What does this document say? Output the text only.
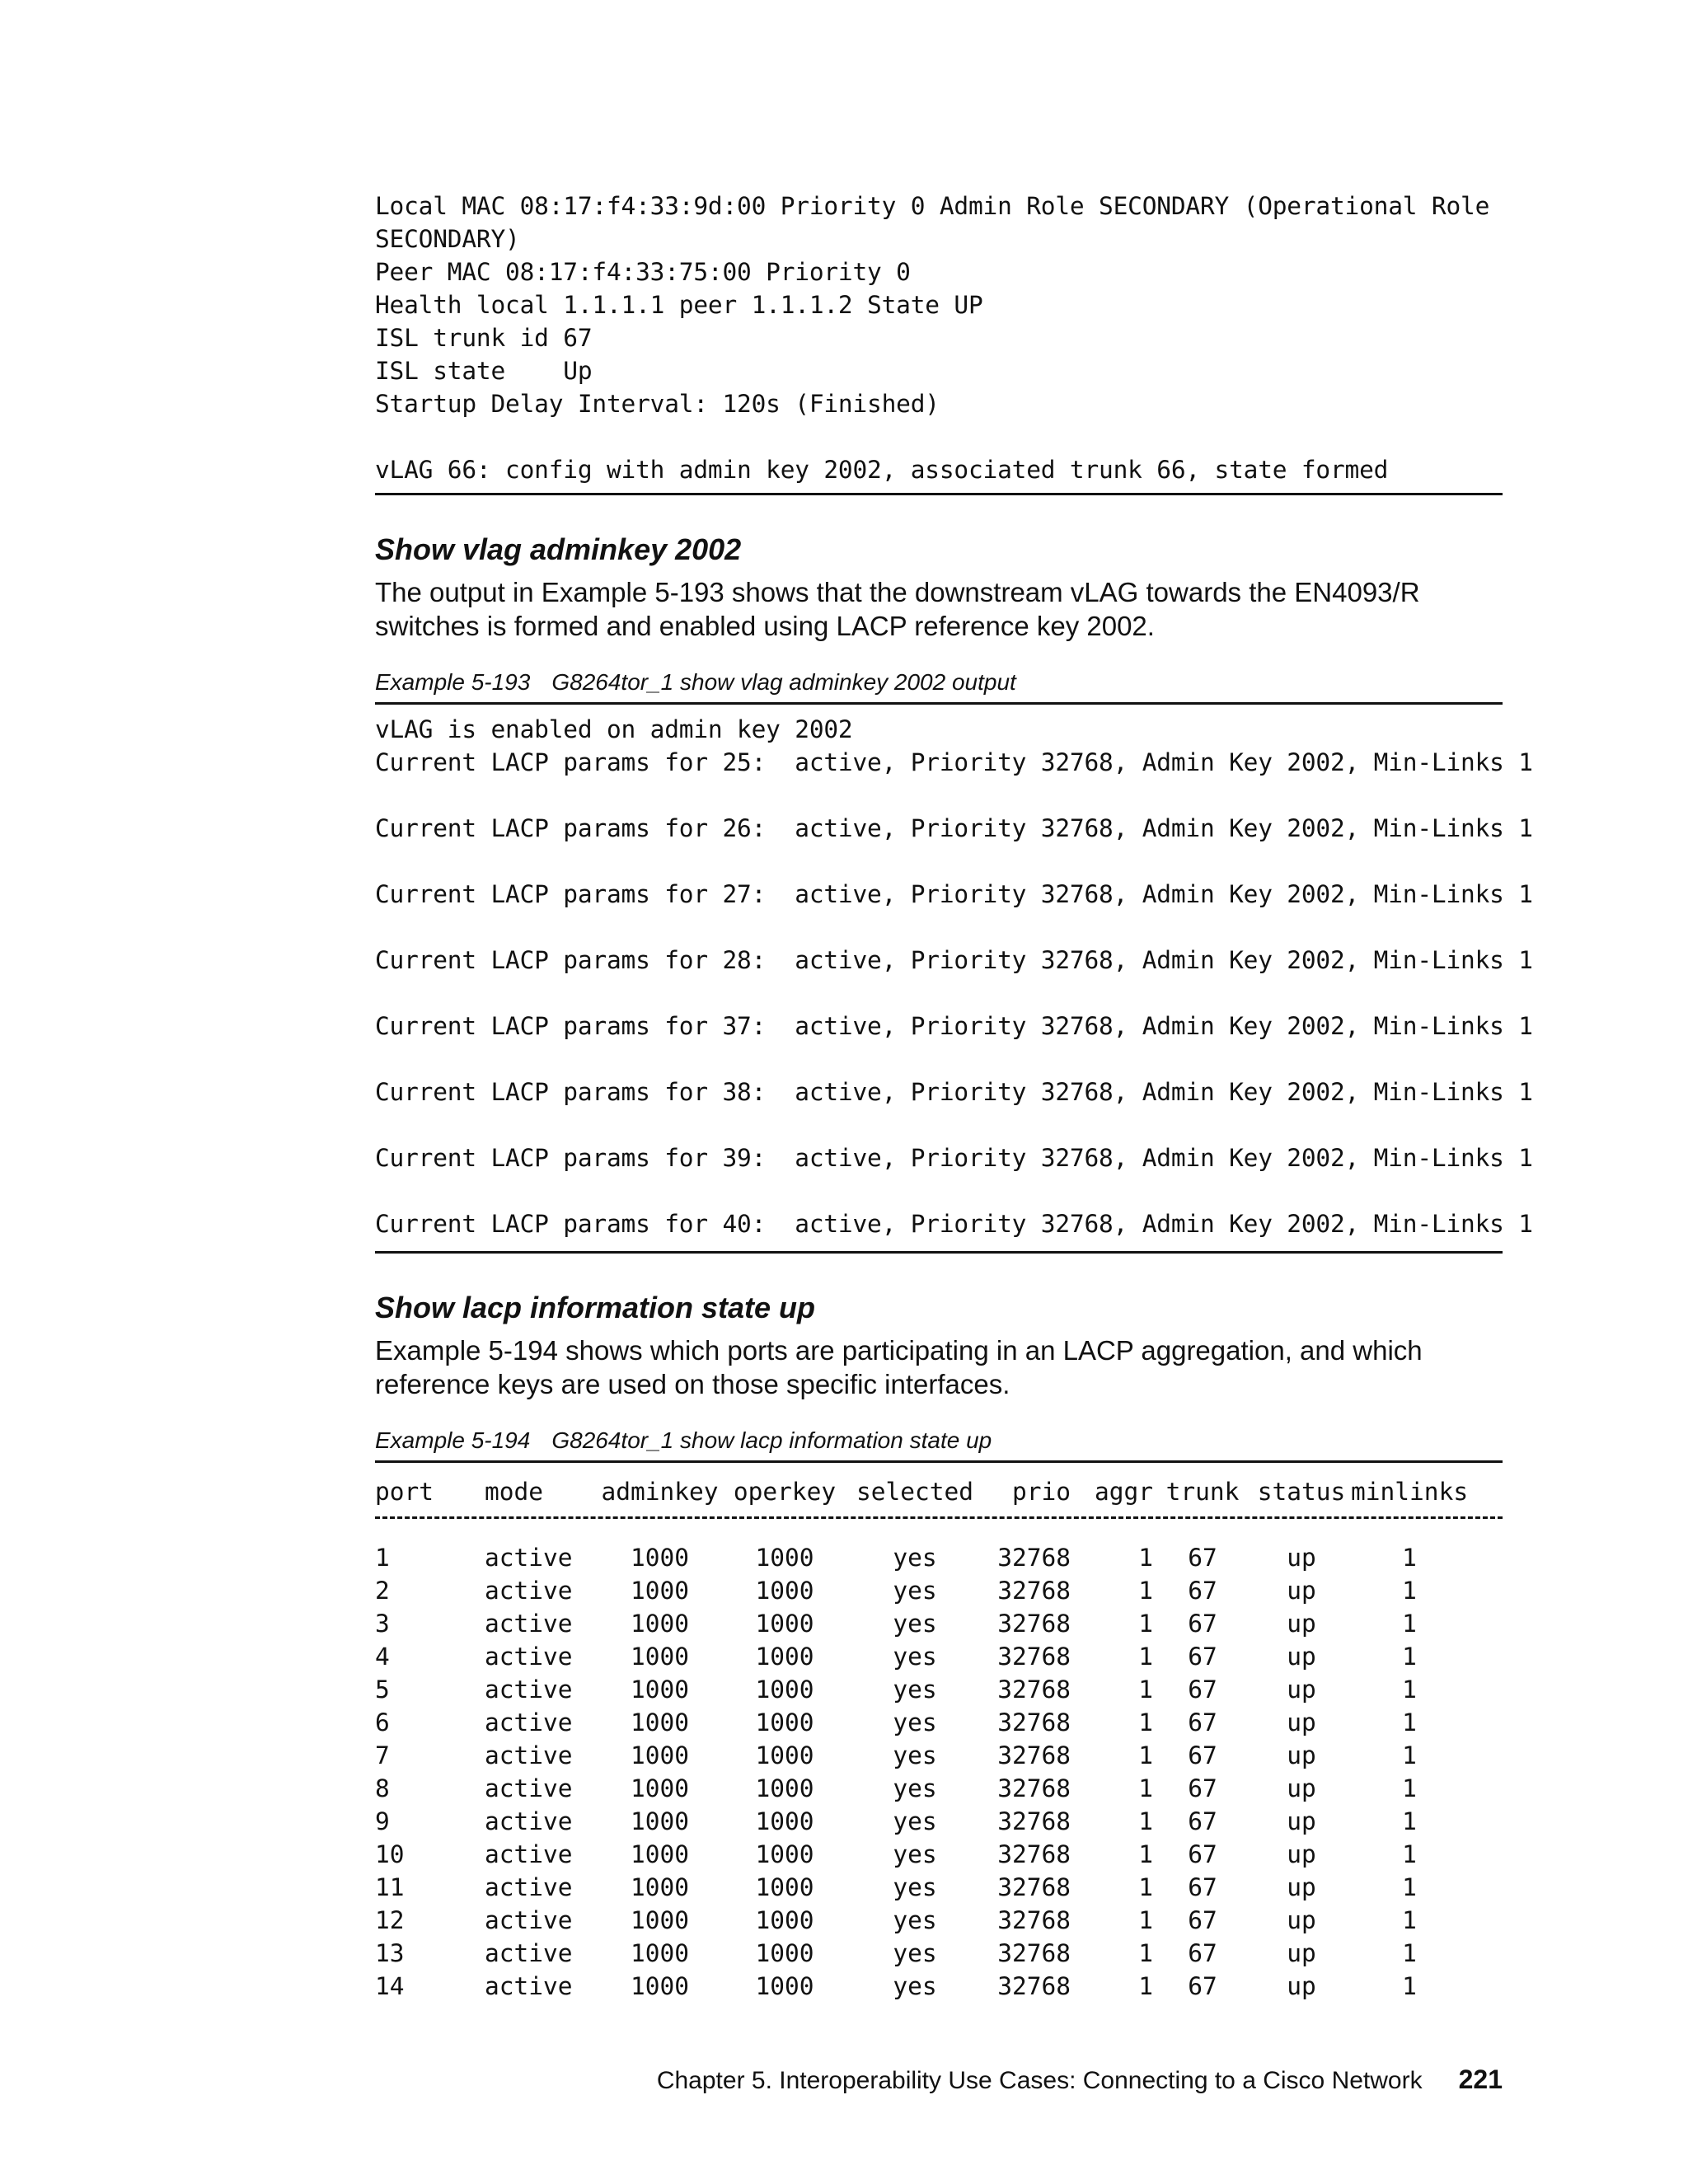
Local MAC 08:17:f4:33:9d:00 Priority 0 Admin Role SECONDARY (Operational Role

SECONDARY)

Peer MAC 08:17:f4:33:75:00 Priority 0

Health local 1.1.1.1 peer 1.1.1.2 State UP

ISL trunk id 67

ISL state    Up

Startup Delay Interval: 120s (Finished)

vLAG 66: config with admin key 2002, associated trunk 66, state formed

Show vlag adminkey 2002

The output in Example 5-193 shows that the downstream vLAG towards the EN4093/R switches is formed and enabled using LACP reference key 2002.

Example 5-193 G8264tor_1 show vlag adminkey 2002 output

vLAG is enabled on admin key 2002

Current LACP params for 25:  active, Priority 32768, Admin Key 2002, Min-Links 1

Current LACP params for 26:  active, Priority 32768, Admin Key 2002, Min-Links 1

Current LACP params for 27:  active, Priority 32768, Admin Key 2002, Min-Links 1

Current LACP params for 28:  active, Priority 32768, Admin Key 2002, Min-Links 1

Current LACP params for 37:  active, Priority 32768, Admin Key 2002, Min-Links 1

Current LACP params for 38:  active, Priority 32768, Admin Key 2002, Min-Links 1

Current LACP params for 39:  active, Priority 32768, Admin Key 2002, Min-Links 1

Current LACP params for 40:  active, Priority 32768, Admin Key 2002, Min-Links 1

Show lacp information state up

Example 5-194 shows which ports are participating in an LACP aggregation, and which reference keys are used on those specific interfaces.

Example 5-194 G8264tor_1 show lacp information state up

port	mode	adminkey	operkey	selected	prio	aggr	trunk	status	minlinks

1	active	1000	1000	yes	32768	1	67	up	1
2	active	1000	1000	yes	32768	1	67	up	1
3	active	1000	1000	yes	32768	1	67	up	1
4	active	1000	1000	yes	32768	1	67	up	1
5	active	1000	1000	yes	32768	1	67	up	1
6	active	1000	1000	yes	32768	1	67	up	1
7	active	1000	1000	yes	32768	1	67	up	1
8	active	1000	1000	yes	32768	1	67	up	1
9	active	1000	1000	yes	32768	1	67	up	1
10	active	1000	1000	yes	32768	1	67	up	1
11	active	1000	1000	yes	32768	1	67	up	1
12	active	1000	1000	yes	32768	1	67	up	1
13	active	1000	1000	yes	32768	1	67	up	1
14	active	1000	1000	yes	32768	1	67	up	1
Chapter 5. Interoperability Use Cases: Connecting to a Cisco Network 221
